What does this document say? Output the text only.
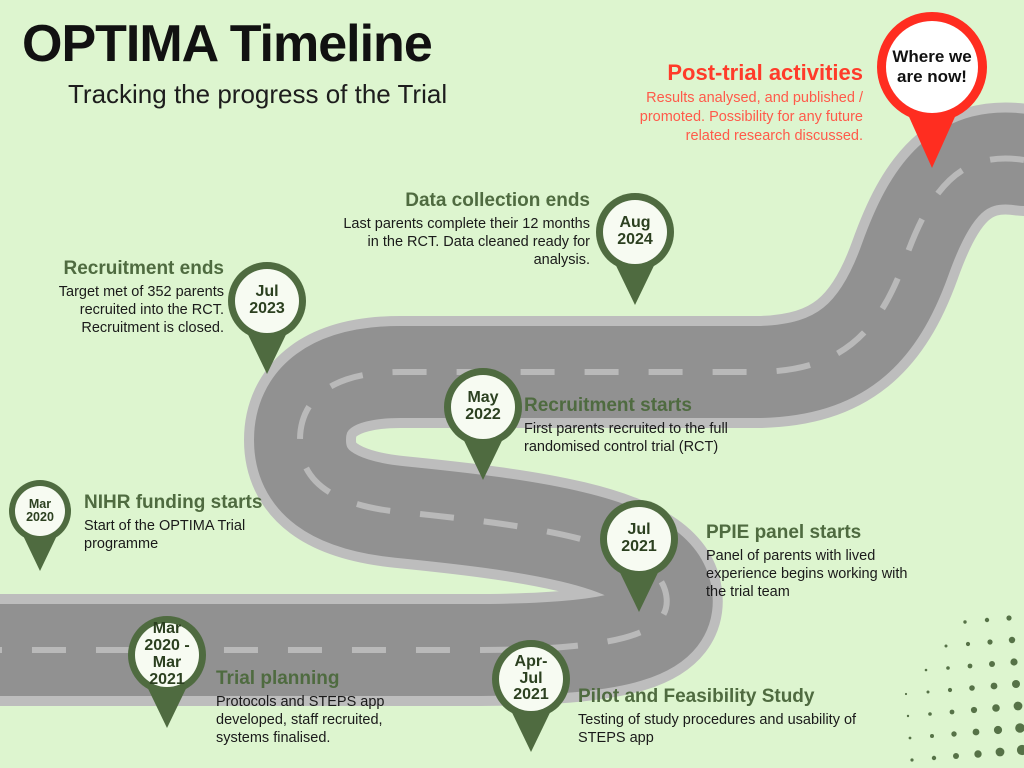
OPTIMA Timeline
Tracking the progress of the Trial
Post-trial activities
Results analysed, and published / promoted. Possibility for any future related research discussed.
Where we are now!
Data collection ends
Last parents complete their 12 months in the RCT. Data cleaned ready for analysis.
Aug 2024
Recruitment ends
Target met of 352 parents recruited into the RCT. Recruitment is closed.
Jul 2023
May 2022	Recruitment starts
First parents recruited to the full randomised control trial (RCT)
Mar 2020
NIHR funding starts
Start of the OPTIMA Trial programme
Jul 2021
PPIE panel starts
Panel of parents with lived experience begins working with the trial team
Mar 2020 -Mar 2021	Trial planning
Protocols and STEPS app developed, staff recruited, systems finalised.
Apr- Jul 2021	Pilot and Feasibility Study
Testing of study procedures and usability of STEPS app
